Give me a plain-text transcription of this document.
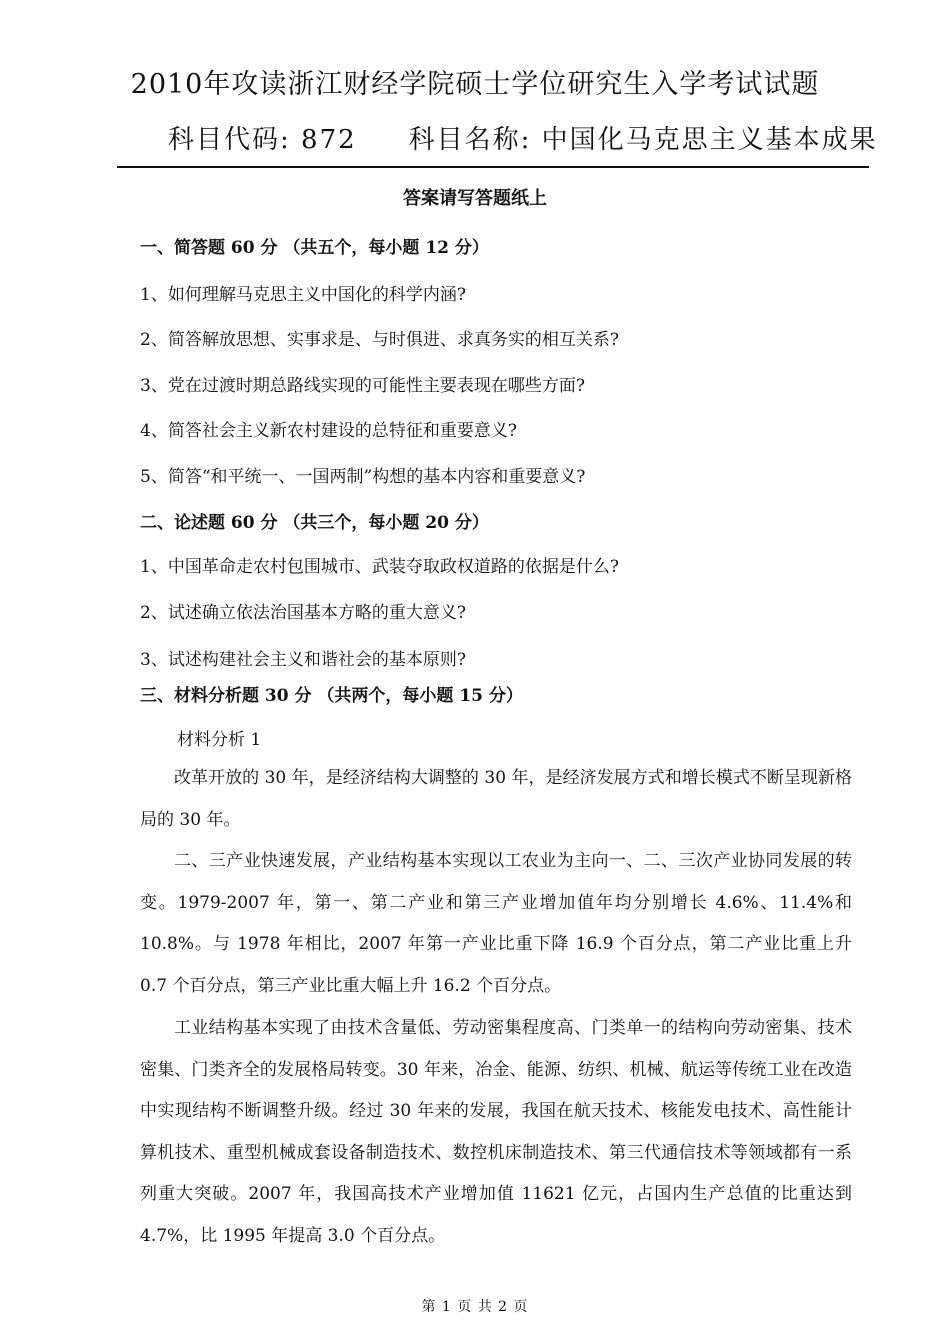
2010年攻读浙江财经学院硕士学位研究生入学考试试题
科目代码: 872 科目名称: 中国化马克思主义基本成果
答案请写答题纸上
一、简答题 60 分 （共五个，每小题 12 分）
1、如何理解马克思主义中国化的科学内涵?
2、简答解放思想、实事求是、与时俱进、求真务实的相互关系?
3、党在过渡时期总路线实现的可能性主要表现在哪些方面?
4、简答社会主义新农村建设的总特征和重要意义?
5、简答“和平统一、一国两制”构想的基本内容和重要意义?
二、论述题 60 分 （共三个，每小题 20 分）
1、中国革命走农村包围城市、武装夺取政权道路的依据是什么?
2、试述确立依法治国基本方略的重大意义?
3、试述构建社会主义和谐社会的基本原则?
三、材料分析题 30 分 （共两个，每小题 15 分）
材料分析 1

改革开放的 30 年，是经济结构大调整的 30 年，是经济发展方式和增长模式不断呈现新格局的 30 年。

二、三产业快速发展，产业结构基本实现以工农业为主向一、二、三次产业协同发展的转变。1979-2007 年，第一、第二产业和第三产业增加值年均分别增长 4.6%、11.4%和 10.8%。与 1978 年相比，2007 年第一产业比重下降 16.9 个百分点，第二产业比重上升 0.7 个百分点，第三产业比重大幅上升 16.2 个百分点。

工业结构基本实现了由技术含量低、劳动密集程度高、门类单一的结构向劳动密集、技术密集、门类齐全的发展格局转变。30 年来，冶金、能源、纺织、机械、航运等传统工业在改造中实现结构不断调整升级。经过 30 年来的发展，我国在航天技术、核能发电技术、高性能计算机技术、重型机械成套设备制造技术、数控机床制造技术、第三代通信技术等领域都有一系列重大突破。2007 年，我国高技术产业增加值 11621 亿元，占国内生产总值的比重达到 4.7%，比 1995 年提高 3.0 个百分点。

第 1 页 共 2 页
